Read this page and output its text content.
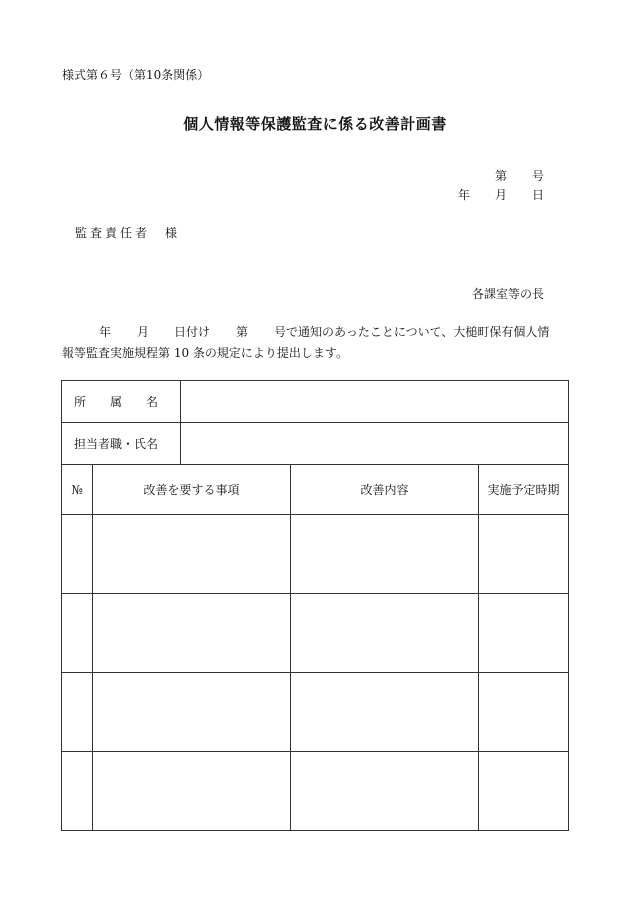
様式第６号（第10条関係）
個人情報等保護監査に係る改善計画書
第 号
年 月 日
監査責任者　様
各課室等の長
年 月 日付け 第 号で通知のあったことについて、大槌町保有個人情
報等監査実施規程第 10 条の規定により提出します。
所　　属　　名				
担当者職・氏名				
№	改善を要する事項		改善内容	実施予定時期
